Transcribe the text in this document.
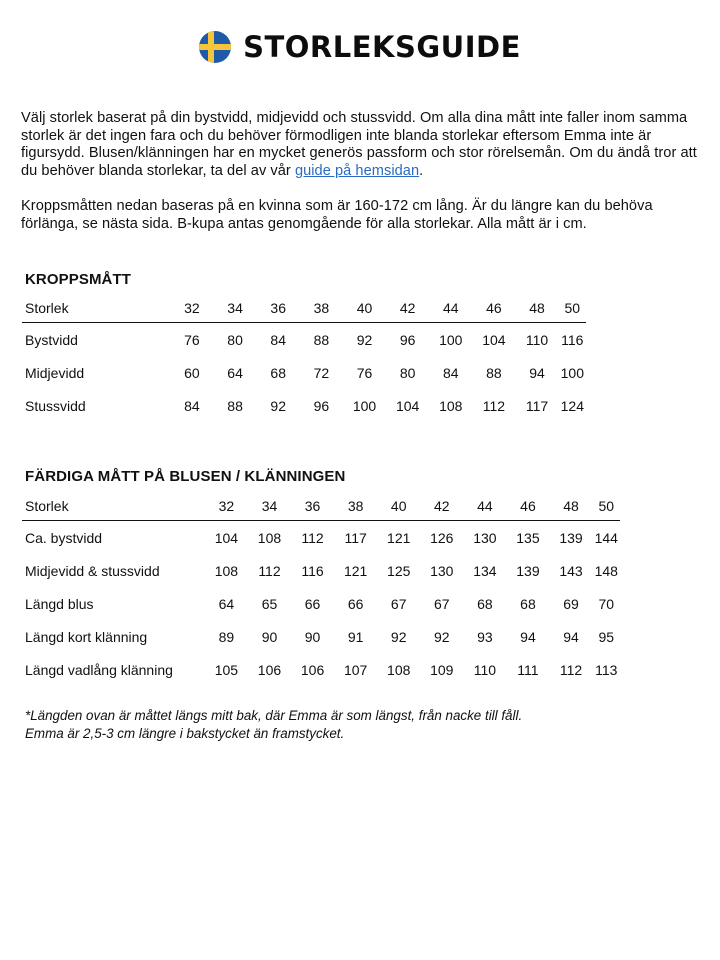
STORLEKSGUIDE

Välj storlek baserat på din bystvidd, midjevidd och stussvidd. Om alla dina mått inte faller inom samma storlek är det ingen fara och du behöver förmodligen inte blanda storlekar eftersom Emma inte är figursydd. Blusen/klänningen har en mycket generös passform och stor rörelsemån. Om du ändå tror att du behöver blanda storlekar, ta del av vår guide på hemsidan.

Kroppsmåtten nedan baseras på en kvinna som är 160-172 cm lång. Är du längre kan du behöva förlänga, se nästa sida. B-kupa antas genomgående för alla storlekar. Alla mått är i cm.

KROPPSMÅTT
Storlek	32	34	36	38	40	42	44	46	48	50
Bystvidd	76	80	84	88	92	96	100	104	110	116
Midjevidd	60	64	68	72	76	80	84	88	94	100
Stussvidd	84	88	92	96	100	104	108	112	117	124
FÄRDIGA MÅTT PÅ BLUSEN / KLÄNNINGEN
Storlek	32	34	36	38	40	42	44	46	48	50
Ca. bystvidd	104	108	112	117	121	126	130	135	139	144
Midjevidd & stussvidd	108	112	116	121	125	130	134	139	143	148
Längd blus	64	65	66	66	67	67	68	68	69	70
Längd kort klänning	89	90	90	91	92	92	93	94	94	95
Längd vadlång klänning	105	106	106	107	108	109	110	111	112	113
*Längden ovan är måttet längs mitt bak, där Emma är som längst, från nacke till fåll.
Emma är 2,5-3 cm längre i bakstycket än framstycket.
